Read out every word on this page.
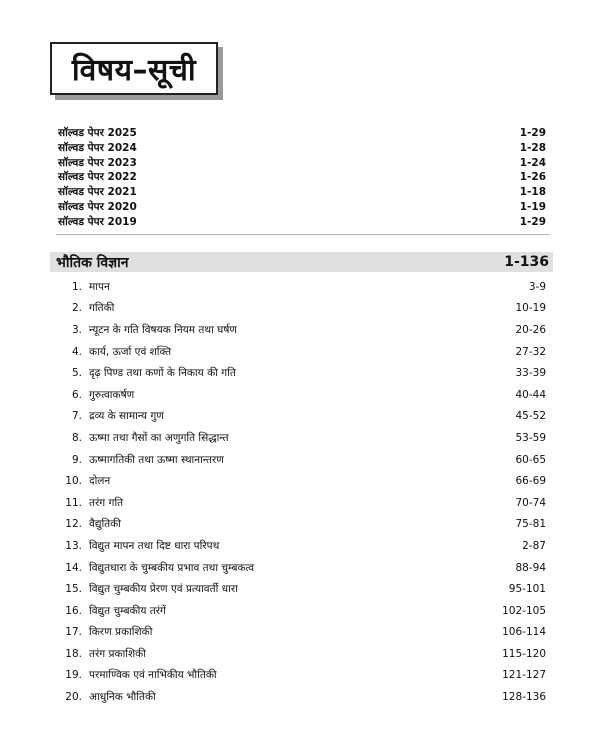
विषय–सूची
सॉल्वड पेपर 2025	1-29
सॉल्वड पेपर 2024	1-28
सॉल्वड पेपर 2023	1-24
सॉल्वड पेपर 2022	1-26
सॉल्वड पेपर 2021	1-18
सॉल्वड पेपर 2020	1-19
सॉल्वड पेपर 2019	1-29
भौतिक विज्ञान	1-136
1. मापन	3-9
2. गतिकी	10-19
3. न्यूटन के गति विषयक नियम तथा घर्षण	20-26
4. कार्य, ऊर्जा एवं शक्ति	27-32
5. दृढ़ पिण्ड तथा कणों के निकाय की गति	33-39
6. गुरुत्वाकर्षण	40-44
7. द्रव्य के सामान्य गुण	45-52
8. ऊष्मा तथा गैसों का अणुगति सिद्धान्त	53-59
9. ऊष्मागतिकी तथा ऊष्मा स्थानान्तरण	60-65
10. दोलन	66-69
11. तरंग गति	70-74
12. वैद्युतिकी	75-81
13. विद्युत मापन तथा दिष्ट धारा परिपथ	2-87
14. विद्युतधारा के चुम्बकीय प्रभाव तथा चुम्बकत्व	88-94
15. विद्युत चुम्बकीय प्रेरण एवं प्रत्यावर्ती धारा	95-101
16. विद्युत चुम्बकीय तरंगें	102-105
17. किरण प्रकाशिकी	106-114
18. तरंग प्रकाशिकी	115-120
19. परमाण्विक एवं नाभिकीय भौतिकी	121-127
20. आधुनिक भौतिकी	128-136
